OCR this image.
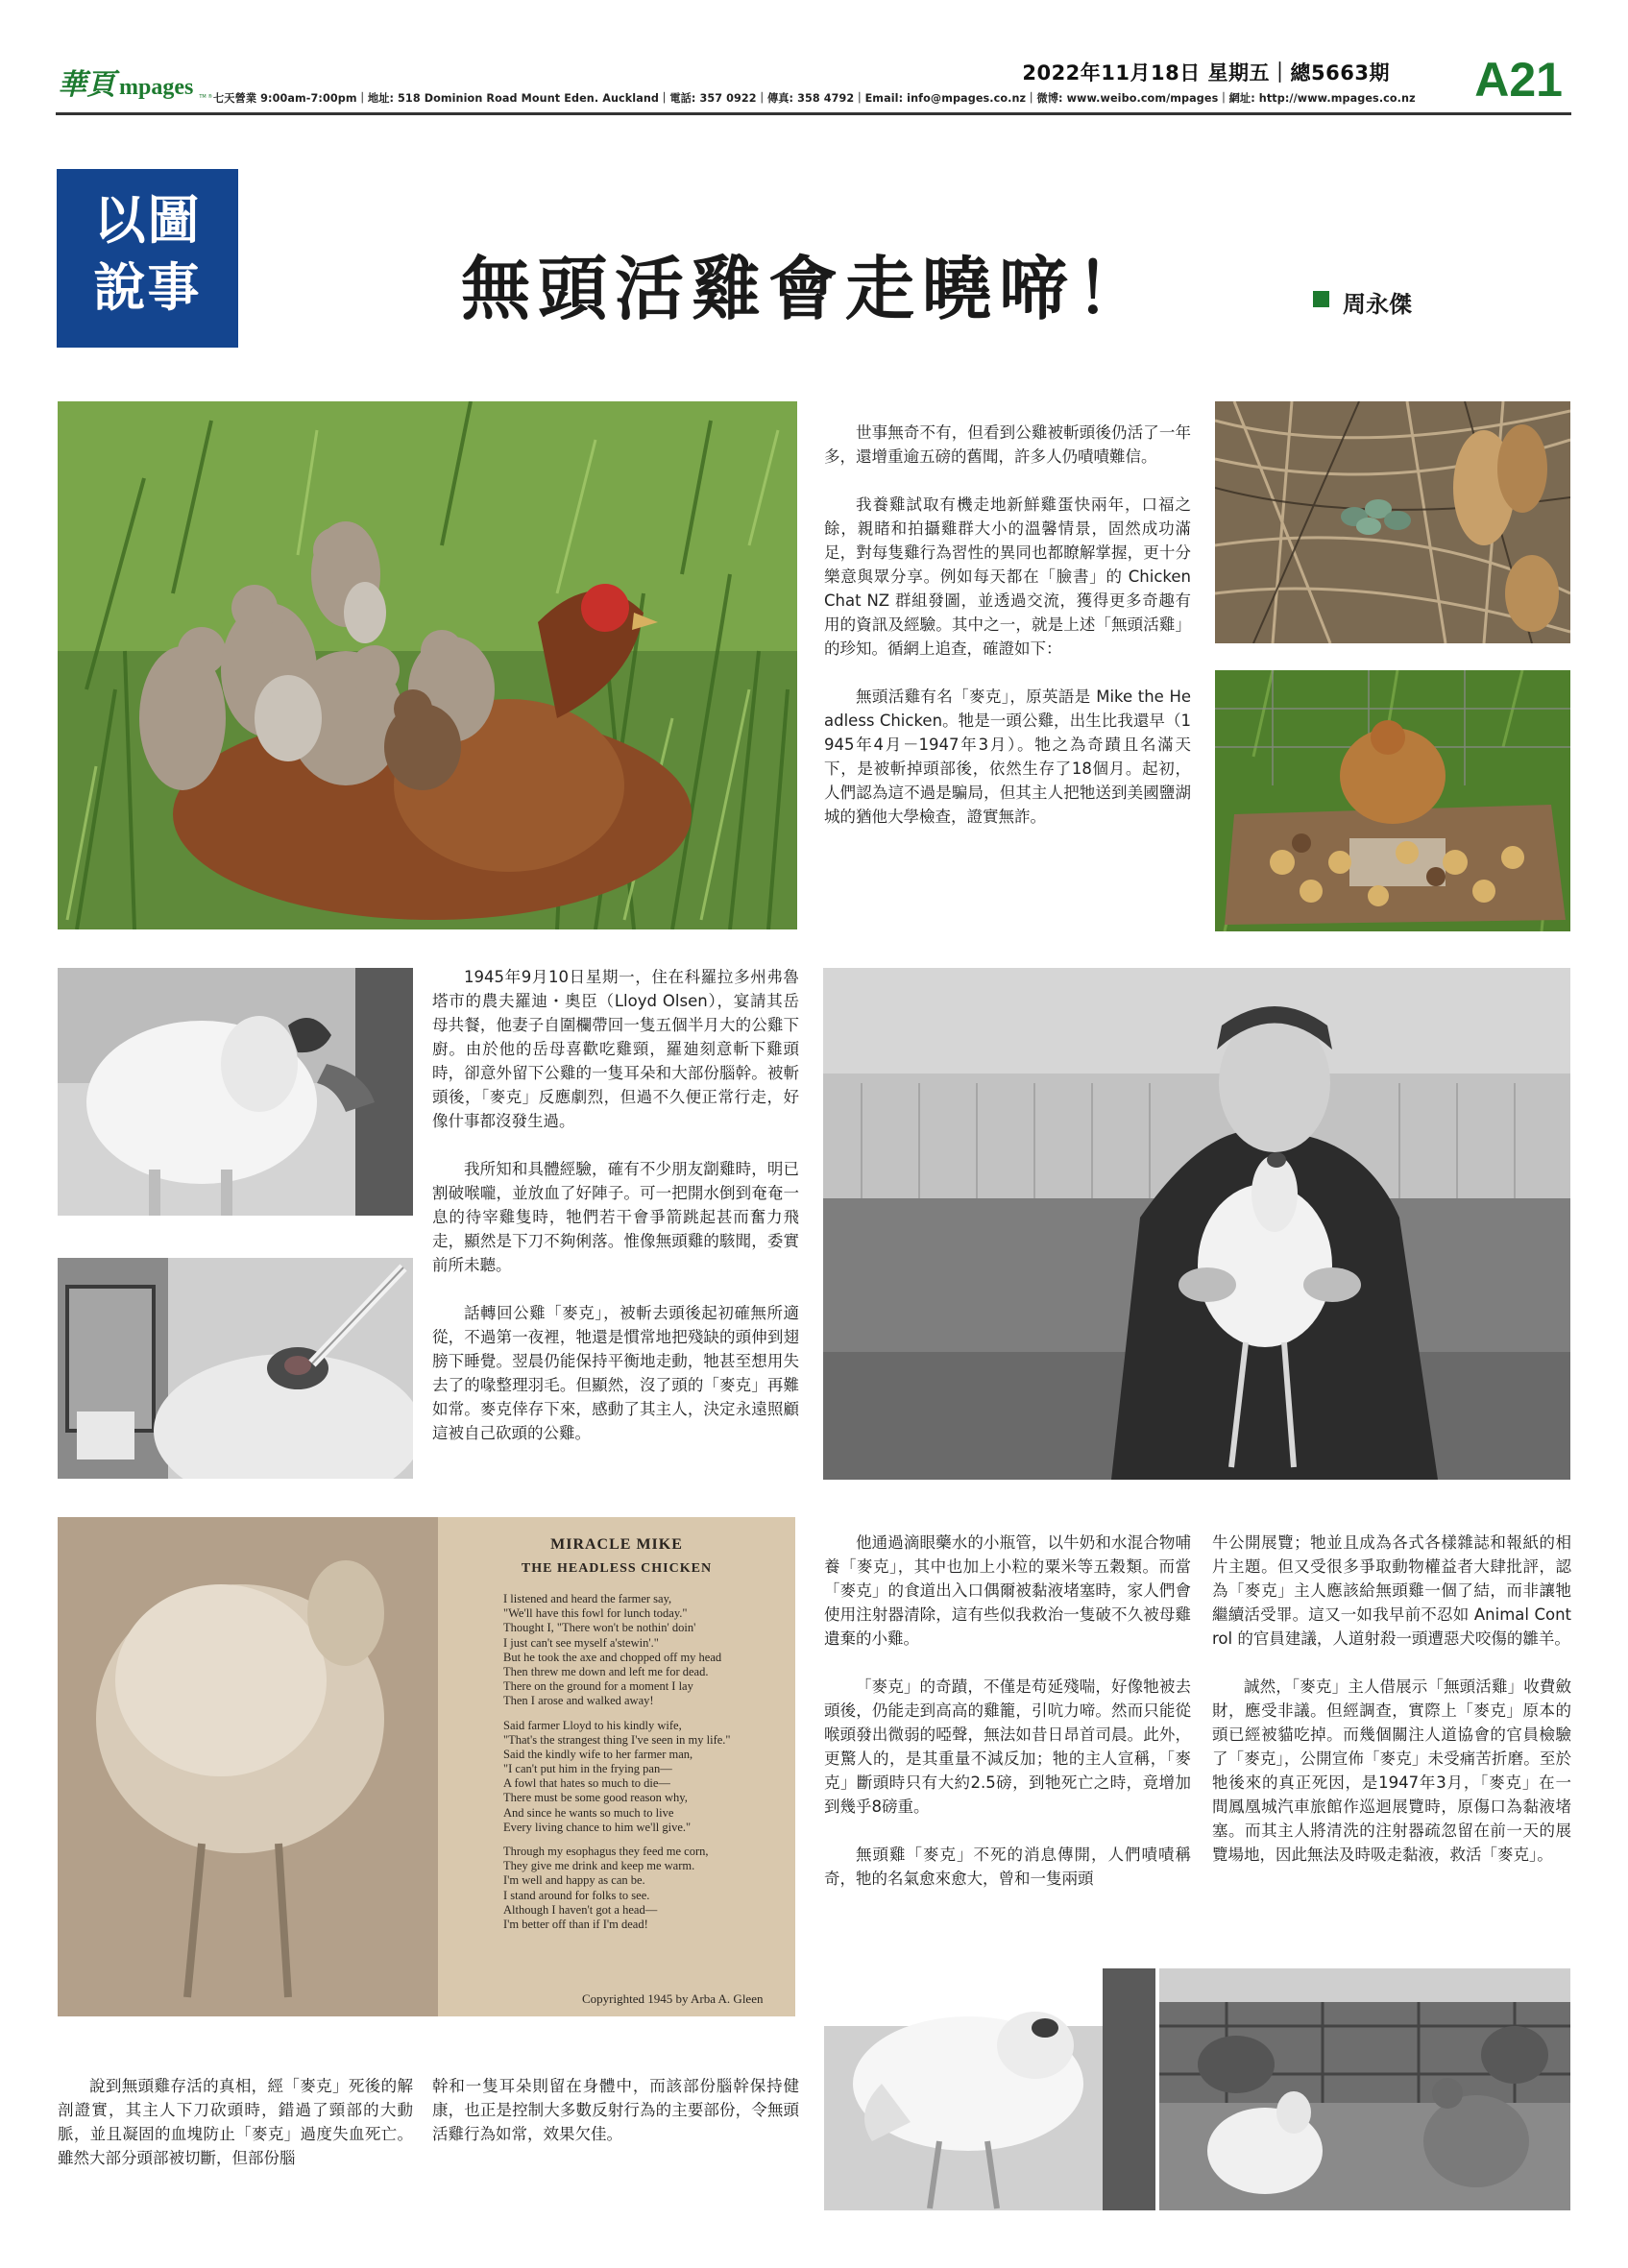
華頁 mpages TM ®
2022年11月18日 星期五｜總5663期 A21
七天營業 9:00am-7:00pm｜地址: 518 Dominion Road Mount Eden. Auckland｜電話: 357 0922｜傳真: 358 4792｜Email: info@mpages.co.nz｜微博: www.weibo.com/mpages｜網址: http://www.mpages.co.nz
以圖
說事	無頭活雞會走曉啼！	周永傑

世事無奇不有，但看到公雞被斬頭後仍活了一年多，還增重逾五磅的舊聞，許多人仍嘖嘖難信。

我養雞試取有機走地新鮮雞蛋快兩年，口福之餘，親睹和拍攝雞群大小的溫馨情景，固然成功滿足，對每隻雞行為習性的異同也都瞭解掌握，更十分樂意與眾分享。例如每天都在「臉書」的 Chicken Chat NZ 群組發圖，並透過交流，獲得更多奇趣有用的資訊及經驗。其中之一，就是上述「無頭活雞」的珍知。循網上追查，確證如下：

無頭活雞有名「麥克」，原英語是 Mike the Headless Chicken。牠是一頭公雞，出生比我還早（1945年4月－1947年3月）。牠之為奇蹟且名滿天下，是被斬掉頭部後，依然生存了18個月。起初，人們認為這不過是騙局，但其主人把牠送到美國鹽湖城的猶他大學檢查，證實無詐。

1945年9月10日星期一，住在科羅拉多州弗魯塔市的農夫羅迪・奧臣（Lloyd Olsen），宴請其岳母共餐，他妻子自圍欄帶回一隻五個半月大的公雞下廚。由於他的岳母喜歡吃雞頸，羅廸刻意斬下雞頭時，卻意外留下公雞的一隻耳朵和大部份腦幹。被斬頭後，「麥克」反應劇烈，但過不久便正常行走，好像什事都沒發生過。

我所知和具體經驗，確有不少朋友劏雞時，明已割破喉嚨，並放血了好陣子。可一把開水倒到奄奄一息的待宰雞隻時，牠們若干會爭箭跳起甚而奮力飛走，顯然是下刀不夠俐落。惟像無頭雞的駭聞，委實前所未聽。

話轉回公雞「麥克」，被斬去頭後起初確無所適從，不過第一夜裡，牠還是慣常地把殘缺的頭伸到翅膀下睡覺。翌晨仍能保持平衡地走動，牠甚至想用失去了的喙整理羽毛。但顯然，沒了頭的「麥克」再難如常。麥克倖存下來，感動了其主人，決定永遠照顧這被自己砍頭的公雞。

MIRACLE MIKE
THE HEADLESS CHICKEN
I listened and heard the farmer say,
"We'll have this fowl for lunch today."
Thought I, "There won't be nothin' doin'
I just can't see myself a'stewin'."
But he took the axe and chopped off my head
Then threw me down and left me for dead.
There on the ground for a moment I lay
Then I arose and walked away!
Said farmer Lloyd to his kindly wife,
"That's the strangest thing I've seen in my life."
Said the kindly wife to her farmer man,
"I can't put him in the frying pan—
A fowl that hates so much to die—
There must be some good reason why,
And since he wants so much to live
Every living chance to him we'll give."
Through my esophagus they feed me corn,
They give me drink and keep me warm.
I'm well and happy as can be.
I stand around for folks to see.
Although I haven't got a head—
I'm better off than if I'm dead!
Copyrighted 1945 by Arba A. Gleen

他通過滴眼藥水的小瓶管，以牛奶和水混合物哺養「麥克」，其中也加上小粒的粟米等五穀類。而當「麥克」的食道出入口偶爾被黏液堵塞時，家人們會使用注射器清除，這有些似我救治一隻破不久被母雞遺棄的小雞。

「麥克」的奇蹟，不僅是苟延殘喘，好像牠被去頭後，仍能走到高高的雞籠，引吭力啼。然而只能從喉頭發出微弱的啞聲，無法如昔日昂首司晨。此外，更驚人的，是其重量不減反加；牠的主人宣稱，「麥克」斷頭時只有大約2.5磅，到牠死亡之時，竟增加到幾乎8磅重。

無頭雞「麥克」不死的消息傳開，人們嘖嘖稱奇，牠的名氣愈來愈大，曾和一隻兩頭

牛公開展覽；牠並且成為各式各樣雜誌和報紙的相片主題。但又受很多爭取動物權益者大肆批評，認為「麥克」主人應該給無頭雞一個了結，而非讓牠繼續活受罪。這又一如我早前不忍如 Animal Control 的官員建議，人道射殺一頭遭惡犬咬傷的雛羊。

誠然，「麥克」主人借展示「無頭活雞」收費斂財，應受非議。但經調查，實際上「麥克」原本的頭已經被貓吃掉。而幾個關注人道協會的官員檢驗了「麥克」，公開宣佈「麥克」未受痛苦折磨。至於牠後來的真正死因，是1947年3月，「麥克」在一間鳳凰城汽車旅館作巡迴展覽時，原傷口為黏液堵塞。而其主人將清洗的注射器疏忽留在前一天的展覽場地，因此無法及時吸走黏液，救活「麥克」。

說到無頭雞存活的真相，經「麥克」死後的解剖證實，其主人下刀砍頭時，錯過了頸部的大動脈，並且凝固的血塊防止「麥克」過度失血死亡。雖然大部分頭部被切斷，但部份腦

幹和一隻耳朵則留在身體中，而該部份腦幹保持健康，也正是控制大多數反射行為的主要部份，令無頭活雞行為如常，效果欠佳。
